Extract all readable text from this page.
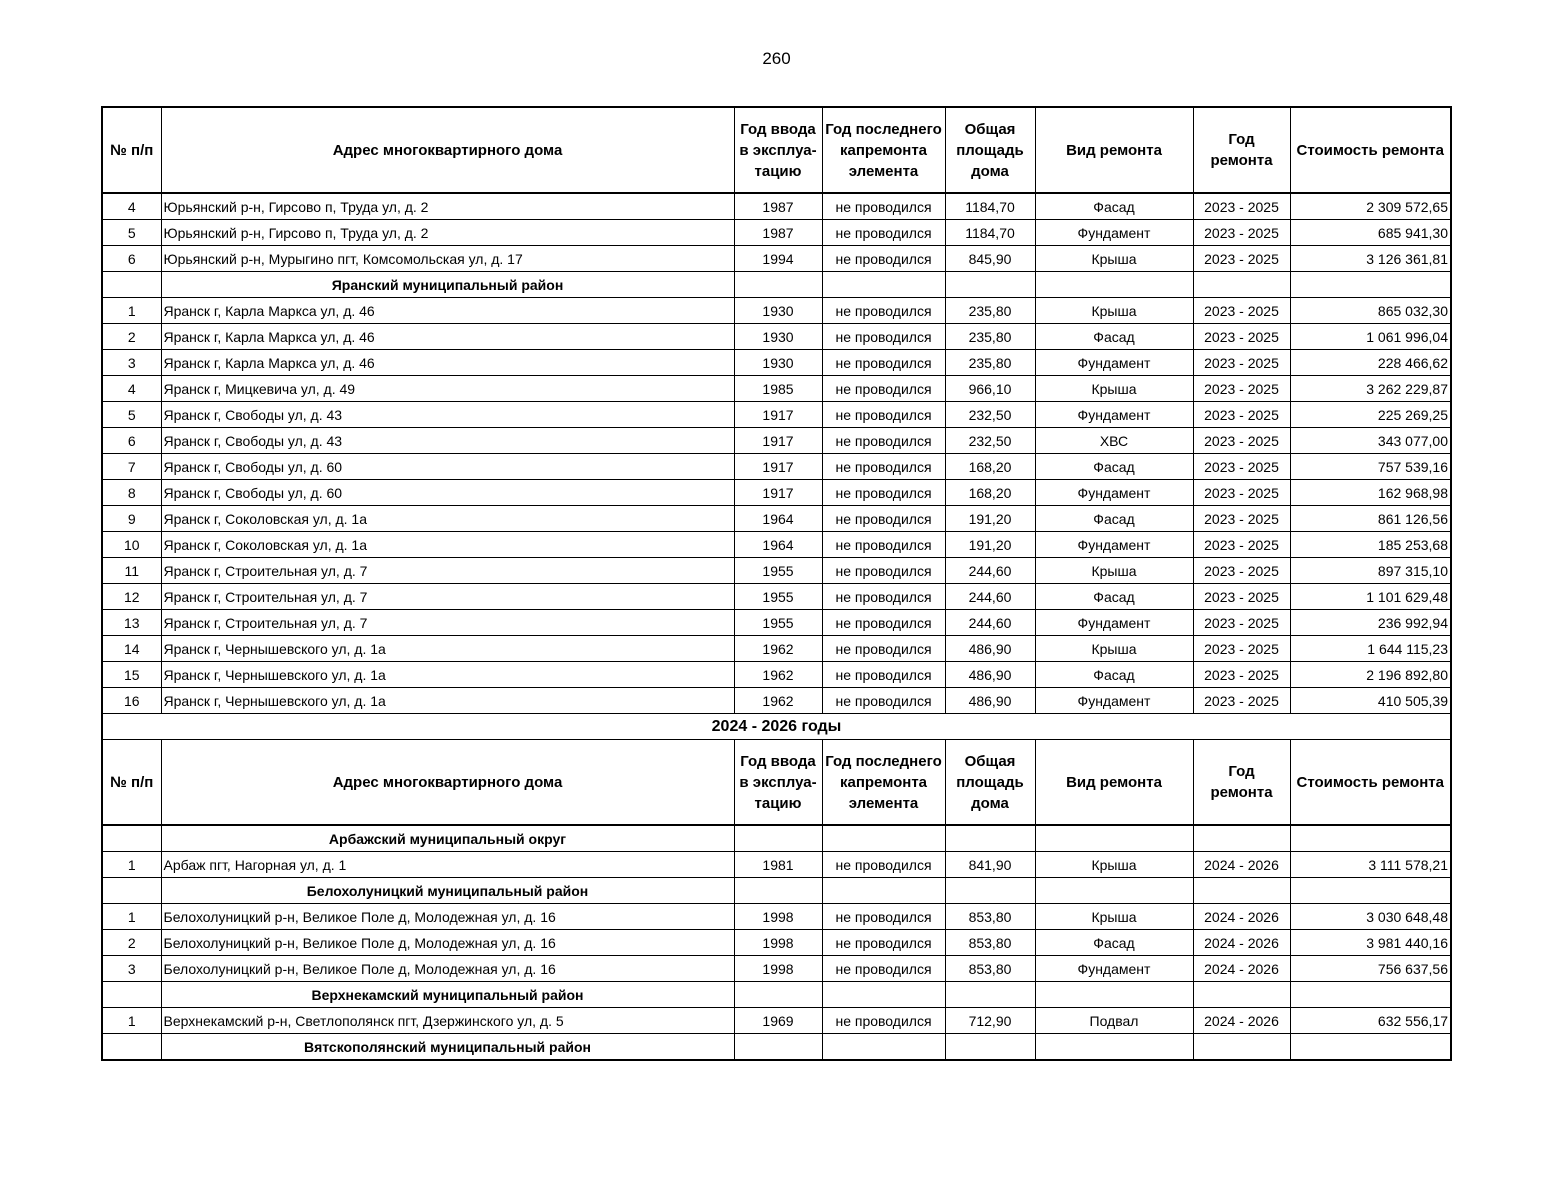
260
№ п/п	Адрес многоквартирного дома	Год ввода в эксплуа-тацию	Год последнего капремонта элемента	Общая площадь дома	Вид ремонта	Год ремонта	Стоимость ремонта
4	Юрьянский р-н, Гирсово п, Труда ул, д. 2	1987	не проводился	1184,70	Фасад	2023 - 2025	2 309 572,65
5	Юрьянский р-н, Гирсово п, Труда ул, д. 2	1987	не проводился	1184,70	Фундамент	2023 - 2025	685 941,30
6	Юрьянский р-н, Мурыгино пгт, Комсомольская ул, д. 17	1994	не проводился	845,90	Крыша	2023 - 2025	3 126 361,81
	Яранский муниципальный район						
1	Яранск г, Карла Маркса ул, д. 46	1930	не проводился	235,80	Крыша	2023 - 2025	865 032,30
2	Яранск г, Карла Маркса ул, д. 46	1930	не проводился	235,80	Фасад	2023 - 2025	1 061 996,04
3	Яранск г, Карла Маркса ул, д. 46	1930	не проводился	235,80	Фундамент	2023 - 2025	228 466,62
4	Яранск г, Мицкевича ул, д. 49	1985	не проводился	966,10	Крыша	2023 - 2025	3 262 229,87
5	Яранск г, Свободы ул, д. 43	1917	не проводился	232,50	Фундамент	2023 - 2025	225 269,25
6	Яранск г, Свободы ул, д. 43	1917	не проводился	232,50	ХВС	2023 - 2025	343 077,00
7	Яранск г, Свободы ул, д. 60	1917	не проводился	168,20	Фасад	2023 - 2025	757 539,16
8	Яранск г, Свободы ул, д. 60	1917	не проводился	168,20	Фундамент	2023 - 2025	162 968,98
9	Яранск г, Соколовская ул, д. 1а	1964	не проводился	191,20	Фасад	2023 - 2025	861 126,56
10	Яранск г, Соколовская ул, д. 1а	1964	не проводился	191,20	Фундамент	2023 - 2025	185 253,68
11	Яранск г, Строительная ул, д. 7	1955	не проводился	244,60	Крыша	2023 - 2025	897 315,10
12	Яранск г, Строительная ул, д. 7	1955	не проводился	244,60	Фасад	2023 - 2025	1 101 629,48
13	Яранск г, Строительная ул, д. 7	1955	не проводился	244,60	Фундамент	2023 - 2025	236 992,94
14	Яранск г, Чернышевского ул, д. 1а	1962	не проводился	486,90	Крыша	2023 - 2025	1 644 115,23
15	Яранск г, Чернышевского ул, д. 1а	1962	не проводился	486,90	Фасад	2023 - 2025	2 196 892,80
16	Яранск г, Чернышевского ул, д. 1а	1962	не проводился	486,90	Фундамент	2023 - 2025	410 505,39
2024 - 2026 годы							
№ п/п	Адрес многоквартирного дома	Год ввода в эксплуа-тацию	Год последнего капремонта элемента	Общая площадь дома	Вид ремонта	Год ремонта	Стоимость ремонта
	Арбажский муниципальный округ						
1	Арбаж пгт, Нагорная ул, д. 1	1981	не проводился	841,90	Крыша	2024 - 2026	3 111 578,21
	Белохолуницкий муниципальный район						
1	Белохолуницкий р-н, Великое Поле д, Молодежная ул, д. 16	1998	не проводился	853,80	Крыша	2024 - 2026	3 030 648,48
2	Белохолуницкий р-н, Великое Поле д, Молодежная ул, д. 16	1998	не проводился	853,80	Фасад	2024 - 2026	3 981 440,16
3	Белохолуницкий р-н, Великое Поле д, Молодежная ул, д. 16	1998	не проводился	853,80	Фундамент	2024 - 2026	756 637,56
	Верхнекамский муниципальный район						
1	Верхнекамский р-н, Светлополянск пгт, Дзержинского ул, д. 5	1969	не проводился	712,90	Подвал	2024 - 2026	632 556,17
	Вятскополянский муниципальный район						
